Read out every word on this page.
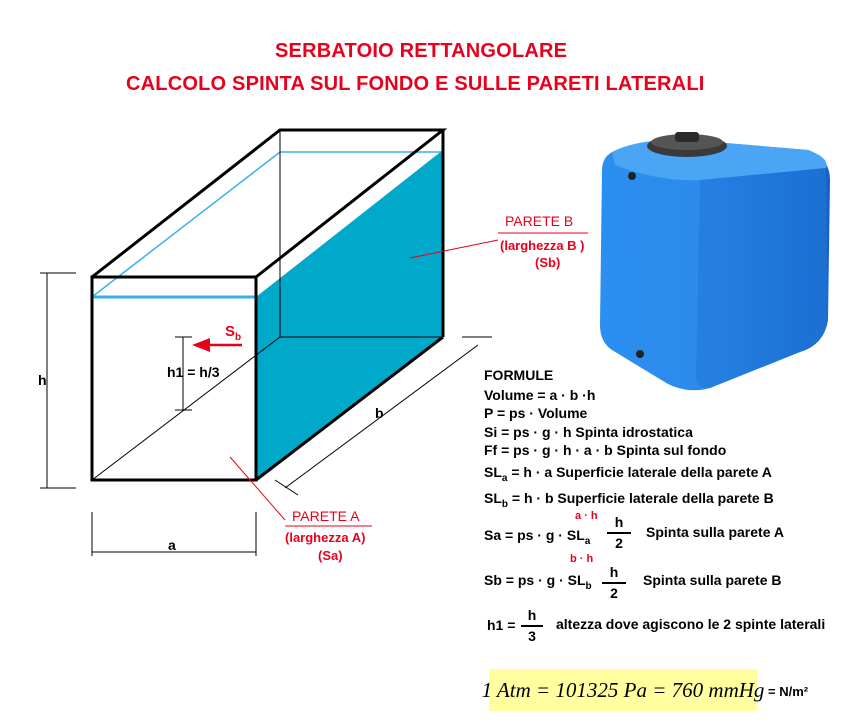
SERBATOIO RETTANGOLARE
CALCOLO SPINTA SUL FONDO E SULLE PARETI LATERALI
h	h1 = h/3
$S_b$
b
a
PARETE B
(larghezza B )
(Sb)
PARETE A
(larghezza A)
(Sa)
FORMULE
Volume = a · b ·h
P = ps · Volume
Si = ps · g · h Spinta idrostatica
Ff = ps · g · h · a · b Spinta sul fondo
$SL_a = h \cdot a$ Superficie laterale della parete A
$SL_b = h \cdot b$ Superficie laterale della parete B
a · h
Sa = ps · $g \cdot SL_a$
h
2
Spinta sulla parete A
b · h
Sb = ps · $g \cdot SL_b$
h
2
Spinta sulla parete B
h1 =
h
3
altezza dove agiscono le 2 spinte laterali
1 Atm = 101325 Pa = 760 mmHg = N/m²
